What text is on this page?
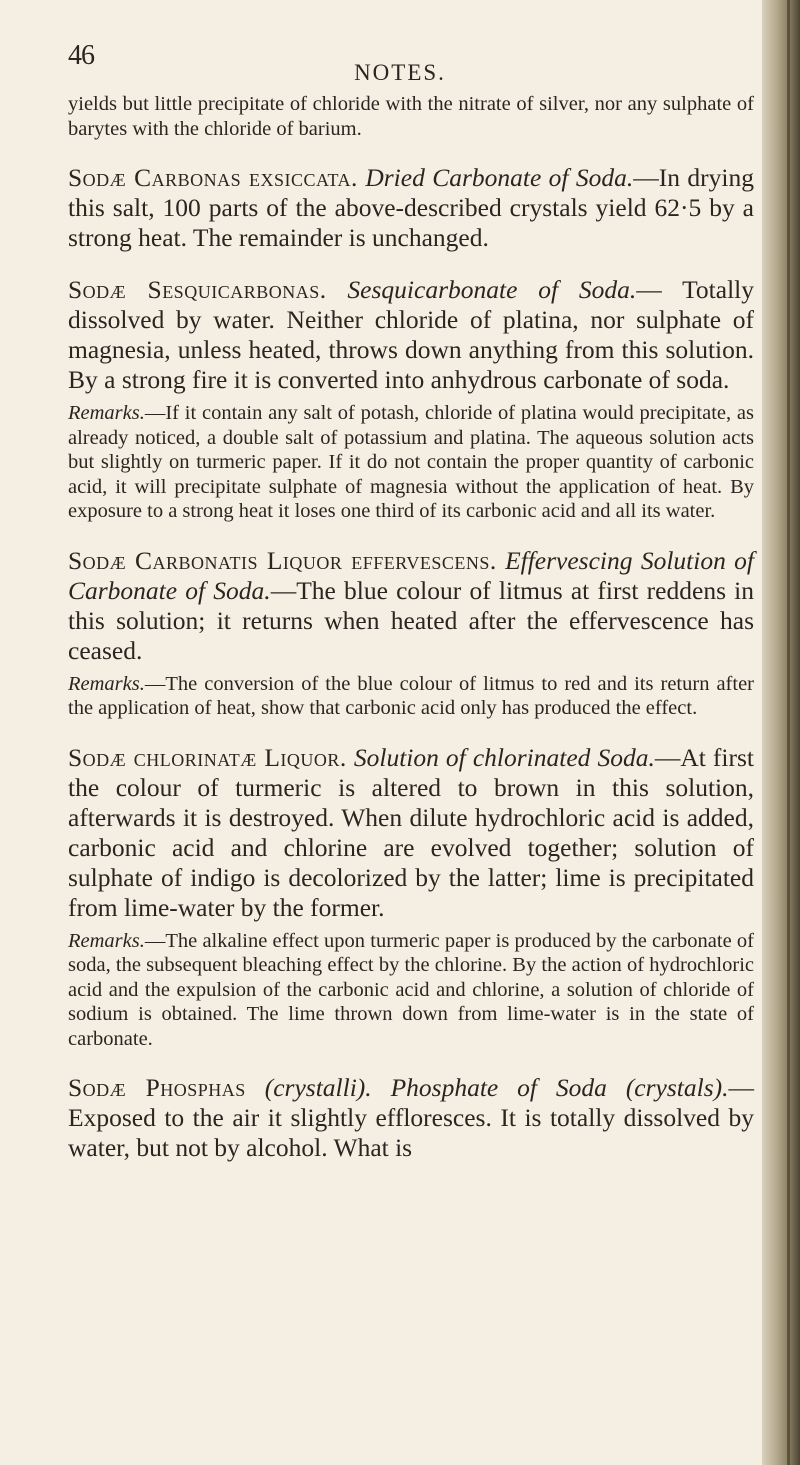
46
NOTES.

yields but little precipitate of chloride with the nitrate of silver, nor any sulphate of barytes with the chloride of barium.

Sodæ Carbonas exsiccata. Dried Carbonate of Soda.—In drying this salt, 100 parts of the above-described crystals yield 62·5 by a strong heat. The remainder is unchanged.

Sodæ Sesquicarbonas. Sesquicarbonate of Soda.— Totally dissolved by water. Neither chloride of platina, nor sulphate of magnesia, unless heated, throws down anything from this solution. By a strong fire it is converted into anhydrous carbonate of soda.

Remarks.—If it contain any salt of potash, chloride of platina would precipitate, as already noticed, a double salt of potassium and platina. The aqueous solution acts but slightly on turmeric paper. If it do not contain the proper quantity of carbonic acid, it will precipitate sulphate of magnesia without the application of heat. By exposure to a strong heat it loses one third of its carbonic acid and all its water.

Sodæ Carbonatis Liquor effervescens. Effervescing Solution of Carbonate of Soda.—The blue colour of litmus at first reddens in this solution; it returns when heated after the effervescence has ceased.

Remarks.—The conversion of the blue colour of litmus to red and its return after the application of heat, show that carbonic acid only has produced the effect.

Sodæ chlorinatæ Liquor. Solution of chlorinated Soda.—At first the colour of turmeric is altered to brown in this solution, afterwards it is destroyed. When dilute hydrochloric acid is added, carbonic acid and chlorine are evolved together; solution of sulphate of indigo is decolorized by the latter; lime is precipitated from lime-water by the former.

Remarks.—The alkaline effect upon turmeric paper is produced by the carbonate of soda, the subsequent bleaching effect by the chlorine. By the action of hydrochloric acid and the expulsion of the carbonic acid and chlorine, a solution of chloride of sodium is obtained. The lime thrown down from lime-water is in the state of carbonate.

Sodæ Phosphas (crystalli). Phosphate of Soda (crystals).—Exposed to the air it slightly effloresces. It is totally dissolved by water, but not by alcohol. What is
